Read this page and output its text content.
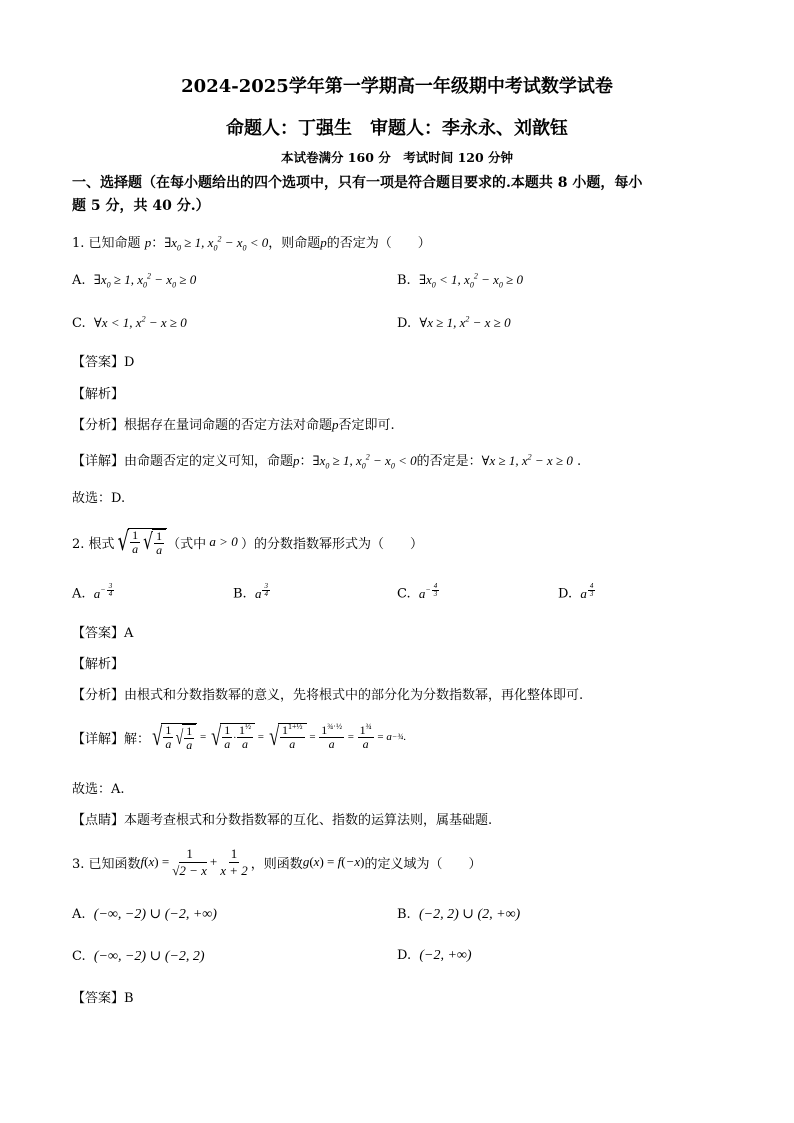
2024-2025学年第一学期高一年级期中考试数学试卷
命题人：丁强生　审题人：李永永、刘歆钰
本试卷满分 160 分　考试时间 120 分钟
一、选择题（在每小题给出的四个选项中，只有一项是符合题目要求的.本题共 8 小题，每小
题 5 分，共 40 分.）
1. 已知命题 p：$\exists x_0 \ge 1$, $x_0^2 - x_0 < 0$，则命题p的否定为（　　）
A. $\exists x_0 \ge 1$, $x_0^2 - x_0 \ge 0$	B. $\exists x_0 < 1$, $x_0^2 - x_0 \ge 0$
C. ∀x < 1, $x^2 - x \ge 0$	D. ∀x ≥ 1, $x^2 - x \ge 0$
【答案】D
【解析】
【分析】根据存在量词命题的否定方法对命题p否定即可.
【详解】由命题否定的定义可知，命题p：$\exists x_0 \ge 1$, $x_0^2 - x_0 < 0$的否定是：∀x ≥ 1, $x^2 - x \ge 0$ .
故选：D.
2. 根式 √ $\frac{1}{a}$ √ $\frac{1}{a}$ （式中 a > 0 ）的分数指数幂形式为（　　）
A. $a^{- \frac{3}{4}}$	B. a $^{\frac{3}{4}}$	C. $a^{- \frac{4}{3}}$	D. a $^{\frac{4}{3}}$
【答案】A
【解析】
【分析】由根式和分数指数幂的意义，先将根式中的部分化为分数指数幂，再化整体即可.
【详解】 解： √ $\frac{1}{a}$ √ $\frac{1}{a}$ = √ $\frac{1}{a} \cdot \frac{1^{\frac{1}{2}}}{a}$ = √ $\frac{1^{1+\frac{1}{2}}}{a} = \frac{1^{\frac{3}{4}\cdot\frac{1}{2}}}{a} = \frac{1^{\frac{3}{4}}}{a} = a$ −¾ .
故选：A.
【点睛】本题考查根式和分数指数幂的互化、指数的运算法则，属基础题.
3. 已知函数 f ( x ) = $\frac{1}{√2 - x} + \frac{1}{x + 2}$ ，则函数 g(x) = f(−x) 的定义域为（　　）
A. (−∞, −2) ∪ (−2, +∞)	B. (−2, 2) ∪ (2, +∞)
C. (−∞, −2) ∪ (−2, 2)	D. (−2, +∞)
【答案】B
